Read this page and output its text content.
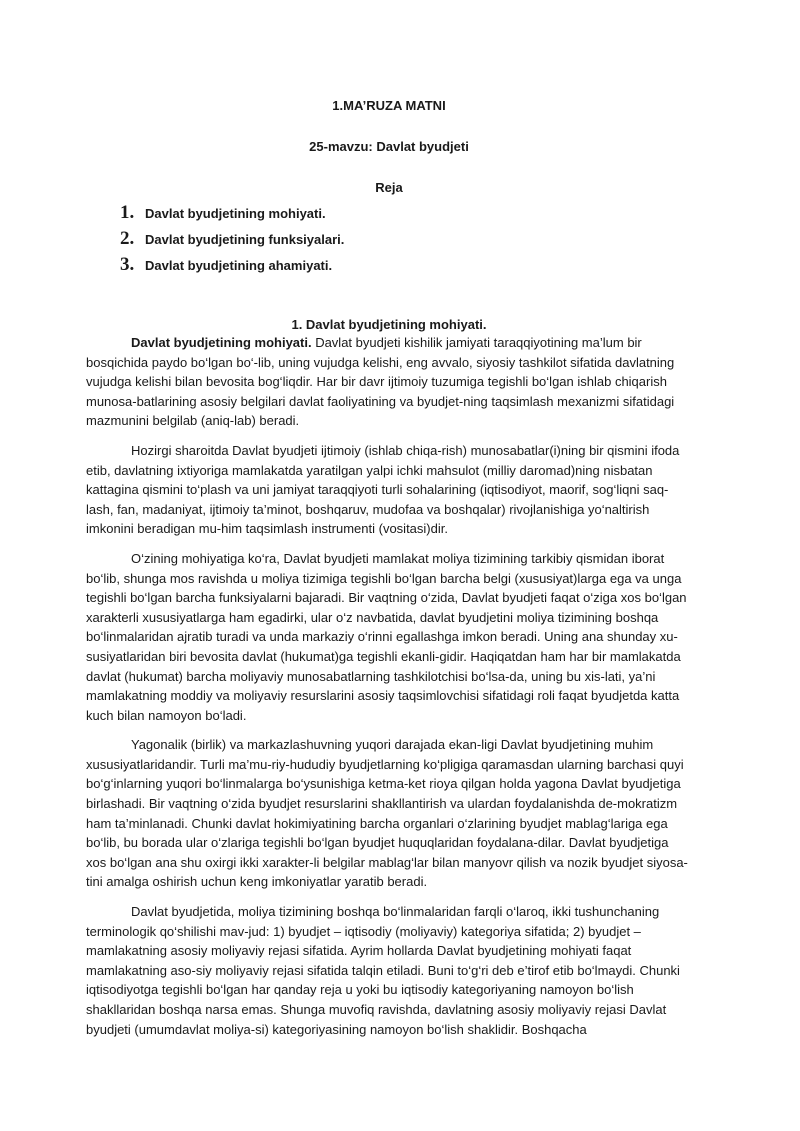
1.MA’RUZA MATNI
25-mavzu: Davlat byudjeti
Reja
1. Davlat byudjetining mohiyati.
2. Davlat byudjetining funksiyalari.
3. Davlat byudjetining ahamiyati.
1. Davlat byudjetining mohiyati.

Davlat byudjetining mohiyati. Davlat byudjeti kishilik jamiyati taraqqiyotining ma’lum bir bosqichida paydo bo‘lgan bo‘-lib, uning vujudga kelishi, eng avvalo, siyosiy tashkilot sifatida davlatning vujudga kelishi bilan bevosita bog‘liqdir. Har bir davr ijtimoiy tuzumiga tegishli bo‘lgan ishlab chiqarish munosa-batlarining asosiy belgilari davlat faoliyatining va byudjet-ning taqsimlash mexanizmi sifatidagi mazmunini belgilab (aniq-lab) beradi.

Hozirgi sharoitda Davlat byudjeti ijtimoiy (ishlab chiqa-rish) munosabatlar(i)ning bir qismini ifoda etib, davlatning ixtiyoriga mamlakatda yaratilgan yalpi ichki mahsulot (milliy daromad)ning nisbatan kattagina qismini to‘plash va uni jamiyat taraqqiyoti turli sohalarining (iqtisodiyot, maorif, sog‘liqni saq-lash, fan, madaniyat, ijtimoiy ta’minot, boshqaruv, mudofaa va boshqalar) rivojlanishiga yo‘naltirish imkonini beradigan mu-him taqsimlash instrumenti (vositasi)dir.

O‘zining mohiyatiga ko‘ra, Davlat byudjeti mamlakat moliya tizimining tarkibiy qismidan iborat bo‘lib, shunga mos ravishda u moliya tizimiga tegishli bo‘lgan barcha belgi (xususiyat)larga ega va unga tegishli bo‘lgan barcha funksiyalarni bajaradi. Bir vaqtning o‘zida, Davlat byudjeti faqat o‘ziga xos bo‘lgan xarakterli xususiyatlarga ham egadirki, ular o‘z navbatida, davlat byudjetini moliya tizimining boshqa bo‘linmalaridan ajratib turadi va unda markaziy o‘rinni egallashga imkon beradi. Uning ana shunday xu-susiyatlaridan biri bevosita davlat (hukumat)ga tegishli ekanli-gidir. Haqiqatdan ham har bir mamlakatda davlat (hukumat) barcha moliyaviy munosabatlarning tashkilotchisi bo‘lsa-da, uning bu xis-lati, ya’ni mamlakatning moddiy va moliyaviy resurslarini asosiy taqsimlovchisi sifatidagi roli faqat byudjetda katta kuch bilan namoyon bo‘ladi.

Yagonalik (birlik) va markazlashuvning yuqori darajada ekan-ligi Davlat byudjetining muhim xususiyatlaridandir. Turli ma’mu-riy-hududiy byudjetlarning ko‘pligiga qaramasdan ularning barchasi quyi bo‘g‘inlarning yuqori bo‘linmalarga bo‘ysunishiga ketma-ket rioya qilgan holda yagona Davlat byudjetiga birlashadi. Bir vaqtning o‘zida byudjet resurslarini shakllantirish va ulardan foydalanishda de-mokratizm ham ta’minlanadi. Chunki davlat hokimiyatining barcha organlari o‘zlarining byudjet mablag‘lariga ega bo‘lib, bu borada ular o‘zlariga tegishli bo‘lgan byudjet huquqlaridan foydalana-dilar. Davlat byudjetiga xos bo‘lgan ana shu oxirgi ikki xarakter-li belgilar mablag‘lar bilan manyovr qilish va nozik byudjet siyosa-tini amalga oshirish uchun keng imkoniyatlar yaratib beradi.

Davlat byudjetida, moliya tizimining boshqa bo‘linmalaridan farqli o‘laroq, ikki tushunchaning terminologik qo‘shilishi mav-jud: 1) byudjet – iqtisodiy (moliyaviy) kategoriya sifatida; 2) byudjet – mamlakatning asosiy moliyaviy rejasi sifatida. Ayrim hollarda Davlat byudjetining mohiyati faqat mamlakatning aso-siy moliyaviy rejasi sifatida talqin etiladi. Buni to‘g‘ri deb e’tirof etib bo‘lmaydi. Chunki iqtisodiyotga tegishli bo‘lgan har qanday reja u yoki bu iqtisodiy kategoriyaning namoyon bo‘lish shakllaridan boshqa narsa emas. Shunga muvofiq ravishda, davlatning asosiy moliyaviy rejasi Davlat byudjeti (umumdavlat moliya-si) kategoriyasining namoyon bo‘lish shaklidir. Boshqacha
